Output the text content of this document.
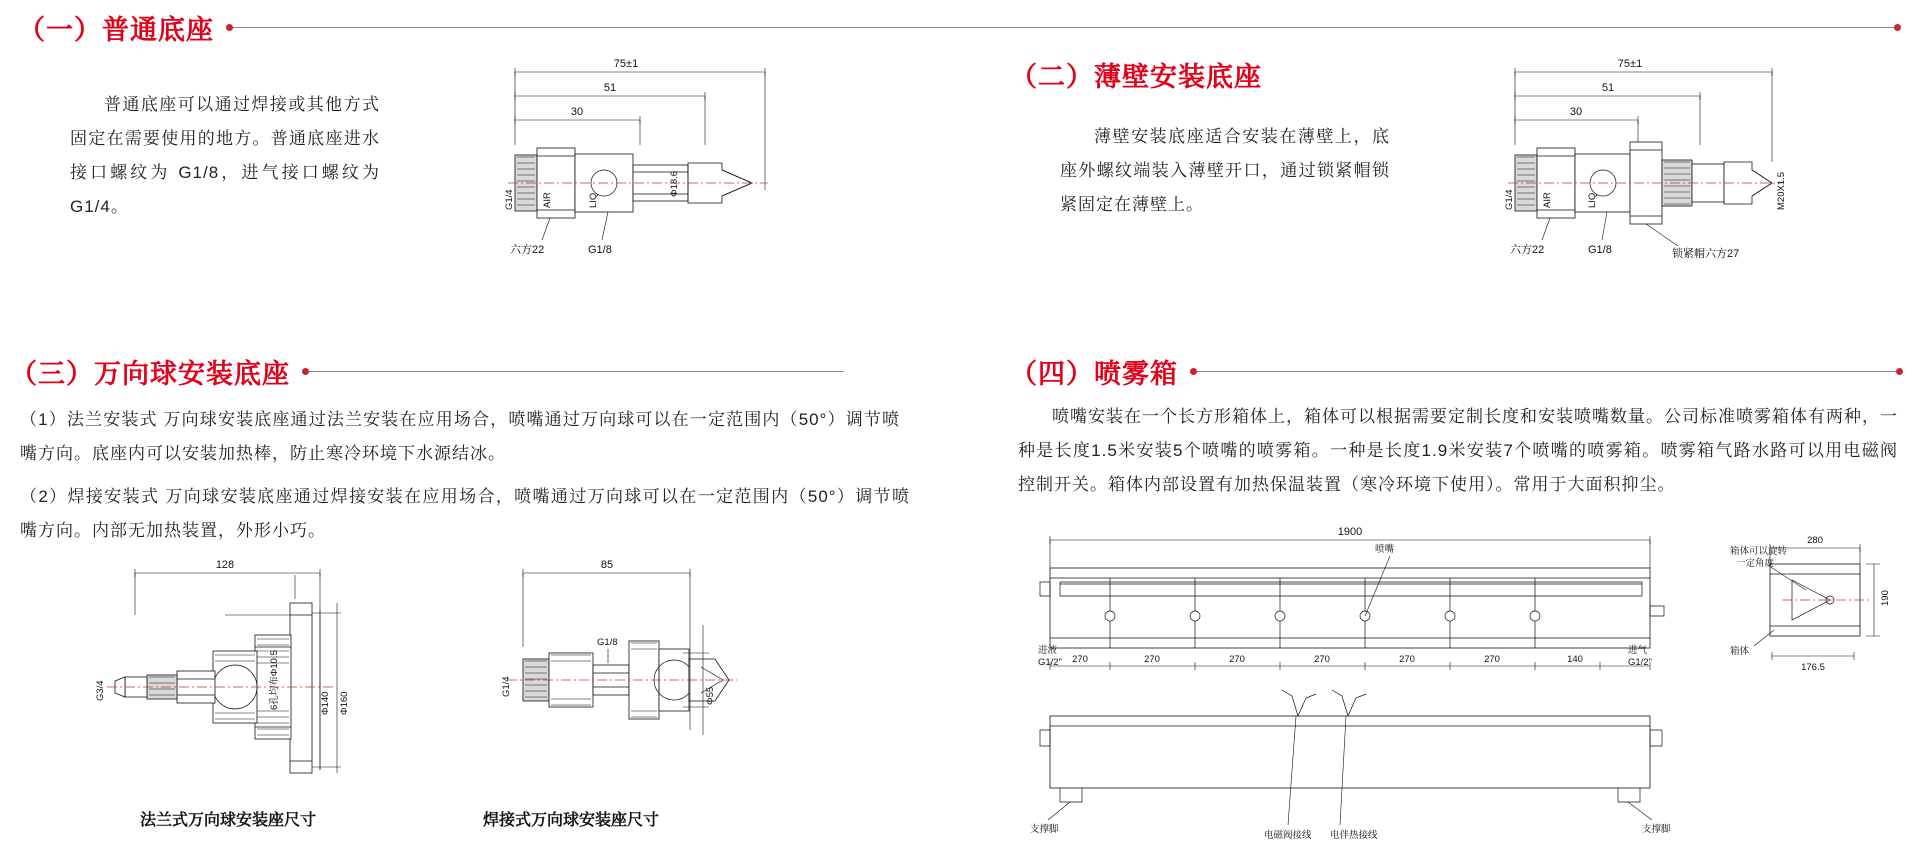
（一）普通底座
普通底座可以通过焊接或其他方式固定在需要使用的地方。普通底座进水接口螺纹为 G1/8，进气接口螺纹为 G1/4。
75±1
51
30
Φ18.6
G1/4	AIR	LIQ
六方22	G1/8
（二）薄壁安装底座
薄壁安装底座适合安装在薄壁上，底座外螺纹端装入薄壁开口，通过锁紧帽锁紧固定在薄壁上。
75±1
51
30
G1/4	AIR	LIQ	M20X1.5
六方22	G1/8	锁紧帽六方27
（三）万向球安装底座
（1）法兰安装式 万向球安装底座通过法兰安装在应用场合，喷嘴通过万向球可以在一定范围内（50°）调节喷嘴方向。底座内可以安装加热棒，防止寒冷环境下水源结冰。
（2）焊接安装式 万向球安装底座通过焊接安装在应用场合，喷嘴通过万向球可以在一定范围内（50°）调节喷嘴方向。内部无加热装置，外形小巧。
128
Φ140 Φ160
6孔均布Φ10.5
G3/4
法兰式万向球安装座尺寸
85
Φ55
G1/8
G1/4
焊接式万向球安装座尺寸
（四）喷雾箱
喷嘴安装在一个长方形箱体上，箱体可以根据需要定制长度和安装喷嘴数量。公司标准喷雾箱体有两种，一种是长度1.5米安装5个喷嘴的喷雾箱。一种是长度1.9米安装7个喷嘴的喷雾箱。喷雾箱气路水路可以用电磁阀控制开关。箱体内部设置有加热保温装置（寒冷环境下使用）。常用于大面积抑尘。
1900
喷嘴
270	270	270	270	270	270	140
进液
G1/2"
进气
G1/2"
支撑脚	支撑脚
电磁阀接线 电伴热接线
280
190
176.5
箱体可以旋转
一定角度
箱体
